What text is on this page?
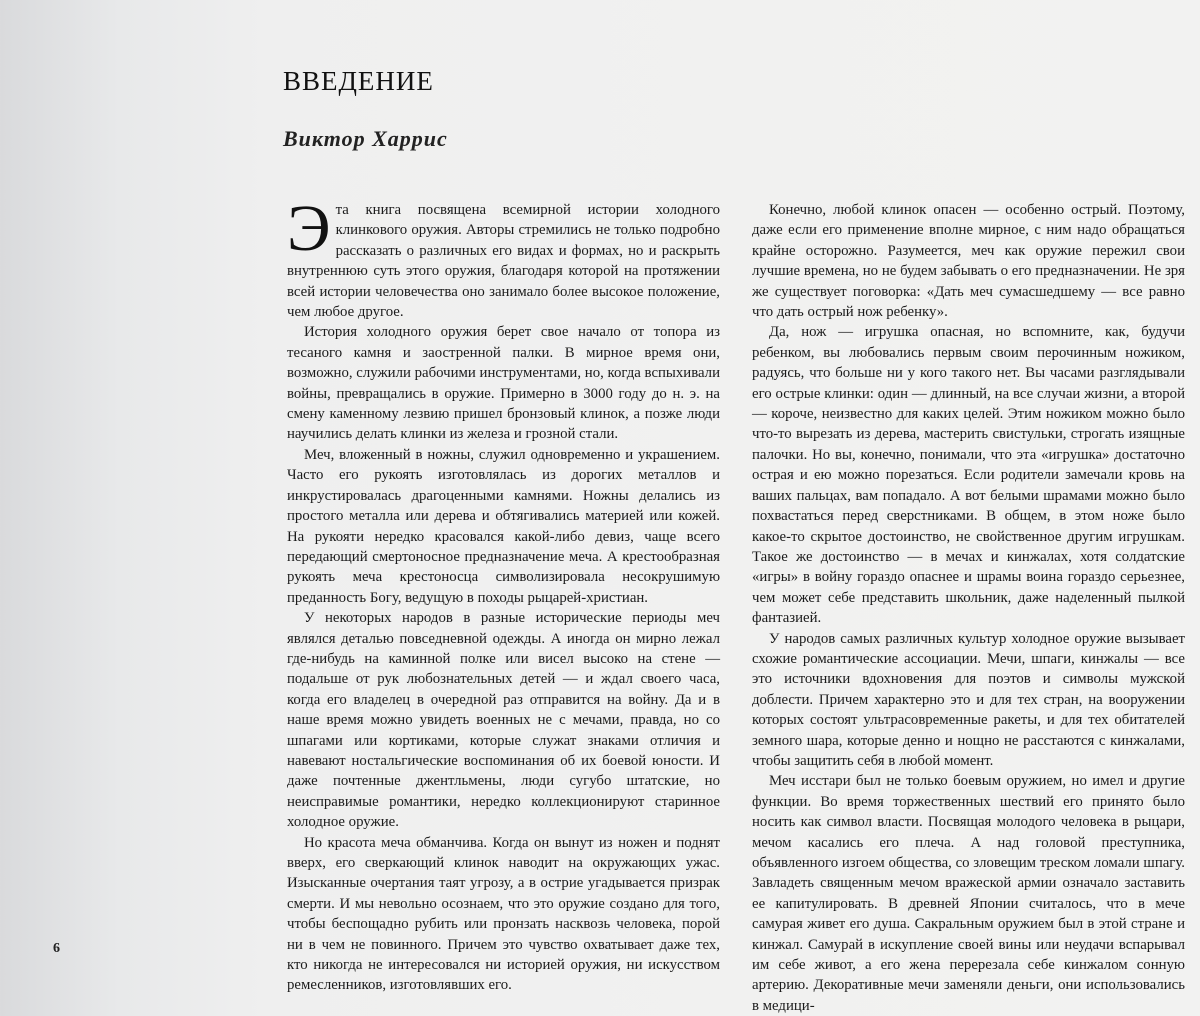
ВВЕДЕНИЕ
Виктор Харрис

Эта книга посвящена всемирной истории холодного клинкового оружия. Авторы стремились не только подробно рассказать о различных его видах и формах, но и раскрыть внутреннюю суть этого оружия, благодаря которой на протяжении всей истории человечества оно занимало более высокое положение, чем любое другое.

История холодного оружия берет свое начало от топора из тесаного камня и заостренной палки. В мирное время они, возможно, служили рабочими инструментами, но, когда вспыхивали войны, превращались в оружие. Примерно в 3000 году до н. э. на смену каменному лезвию пришел бронзовый клинок, а позже люди научились делать клинки из железа и грозной стали.

Меч, вложенный в ножны, служил одновременно и украшением. Часто его рукоять изготовлялась из дорогих металлов и инкрустировалась драгоценными камнями. Ножны делались из простого металла или дерева и обтягивались материей или кожей. На рукояти нередко красовался какой-либо девиз, чаще всего передающий смертоносное предназначение меча. А крестообразная рукоять меча крестоносца символизировала несокрушимую преданность Богу, ведущую в походы рыцарей-христиан.

У некоторых народов в разные исторические периоды меч являлся деталью повседневной одежды. А иногда он мирно лежал где-нибудь на каминной полке или висел высоко на стене — подальше от рук любознательных детей — и ждал своего часа, когда его владелец в очередной раз отправится на войну. Да и в наше время можно увидеть военных не с мечами, правда, но со шпагами или кортиками, которые служат знаками отличия и навевают ностальгические воспоминания об их боевой юности. И даже почтенные джентльмены, люди сугубо штатские, но неисправимые романтики, нередко коллекционируют старинное холодное оружие.

Но красота меча обманчива. Когда он вынут из ножен и поднят вверх, его сверкающий клинок наводит на окружающих ужас. Изысканные очертания таят угрозу, а в острие угадывается призрак смерти. И мы невольно осознаем, что это оружие создано для того, чтобы беспощадно рубить или пронзать насквозь человека, порой ни в чем не повинного. Причем это чувство охватывает даже тех, кто никогда не интересовался ни историей оружия, ни искусством ремесленников, изготовлявших его.

Конечно, любой клинок опасен — особенно острый. Поэтому, даже если его применение вполне мирное, с ним надо обращаться крайне осторожно. Разумеется, меч как оружие пережил свои лучшие времена, но не будем забывать о его предназначении. Не зря же существует поговорка: «Дать меч сумасшедшему — все равно что дать острый нож ребенку».

Да, нож — игрушка опасная, но вспомните, как, будучи ребенком, вы любовались первым своим перочинным ножиком, радуясь, что больше ни у кого такого нет. Вы часами разглядывали его острые клинки: один — длинный, на все случаи жизни, а второй — короче, неизвестно для каких целей. Этим ножиком можно было что-то вырезать из дерева, мастерить свистульки, строгать изящные палочки. Но вы, конечно, понимали, что эта «игрушка» достаточно острая и ею можно порезаться. Если родители замечали кровь на ваших пальцах, вам попадало. А вот белыми шрамами можно было похвастаться перед сверстниками. В общем, в этом ноже было какое-то скрытое достоинство, не свойственное другим игрушкам. Такое же достоинство — в мечах и кинжалах, хотя солдатские «игры» в войну гораздо опаснее и шрамы воина гораздо серьезнее, чем может себе представить школьник, даже наделенный пылкой фантазией.

У народов самых различных культур холодное оружие вызывает схожие романтические ассоциации. Мечи, шпаги, кинжалы — все это источники вдохновения для поэтов и символы мужской доблести. Причем характерно это и для тех стран, на вооружении которых состоят ультрасовременные ракеты, и для тех обитателей земного шара, которые денно и нощно не расстаются с кинжалами, чтобы защитить себя в любой момент.

Меч исстари был не только боевым оружием, но имел и другие функции. Во время торжественных шествий его принято было носить как символ власти. Посвящая молодого человека в рыцари, мечом касались его плеча. А над головой преступника, объявленного изгоем общества, со зловещим треском ломали шпагу. Завладеть священным мечом вражеской армии означало заставить ее капитулировать. В древней Японии считалось, что в мече самурая живет его душа. Сакральным оружием был в этой стране и кинжал. Самурай в искупление своей вины или неудачи вспарывал им себе живот, а его жена перерезала себе кинжалом сонную артерию. Декоративные мечи заменяли деньги, они использовались в медици-

6
